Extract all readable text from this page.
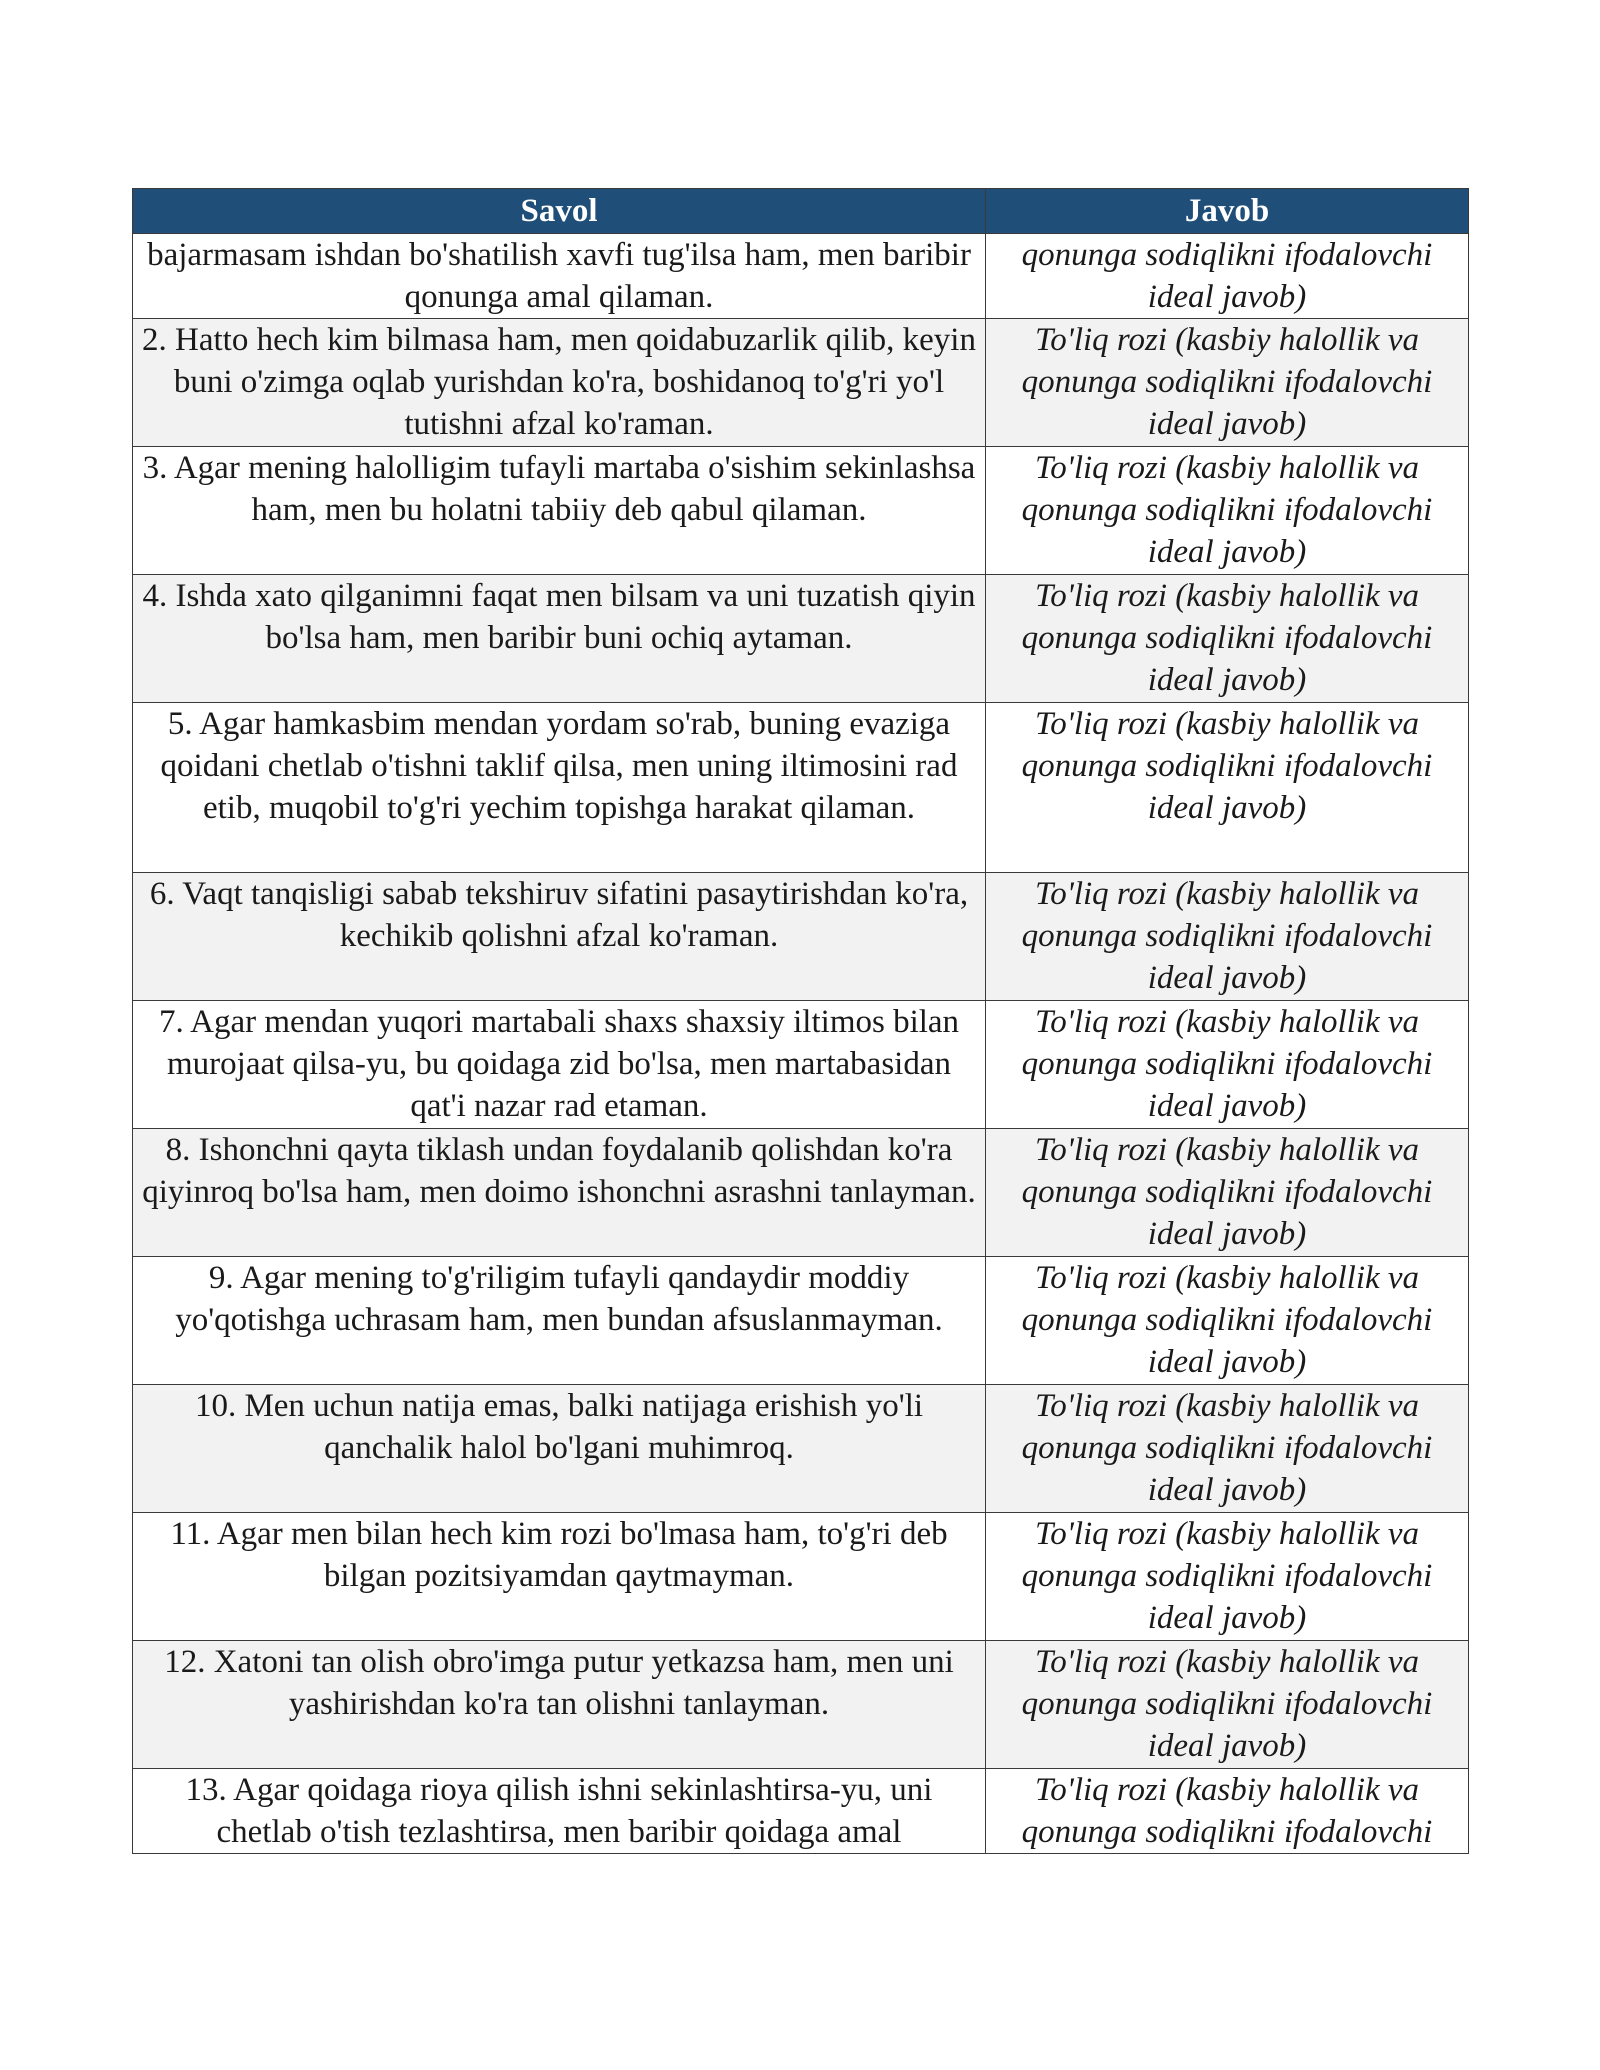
Savol	Javob
bajarmasam ishdan bo'shatilish xavfi tug'ilsa ham, men baribir qonunga amal qilaman.	qonunga sodiqlikni ifodalovchi ideal javob)
2. Hatto hech kim bilmasa ham, men qoidabuzarlik qilib, keyin buni o'zimga oqlab yurishdan ko'ra, boshidanoq to'g'ri yo'l tutishni afzal ko'raman.	To'liq rozi (kasbiy halollik va qonunga sodiqlikni ifodalovchi ideal javob)
3. Agar mening halolligim tufayli martaba o'sishim sekinlashsa ham, men bu holatni tabiiy deb qabul qilaman.	To'liq rozi (kasbiy halollik va qonunga sodiqlikni ifodalovchi ideal javob)
4. Ishda xato qilganimni faqat men bilsam va uni tuzatish qiyin bo'lsa ham, men baribir buni ochiq aytaman.	To'liq rozi (kasbiy halollik va qonunga sodiqlikni ifodalovchi ideal javob)
5. Agar hamkasbim mendan yordam so'rab, buning evaziga qoidani chetlab o'tishni taklif qilsa, men uning iltimosini rad etib, muqobil to'g'ri yechim topishga harakat qilaman.	To'liq rozi (kasbiy halollik va qonunga sodiqlikni ifodalovchi ideal javob)
6. Vaqt tanqisligi sabab tekshiruv sifatini pasaytirishdan ko'ra, kechikib qolishni afzal ko'raman.	To'liq rozi (kasbiy halollik va qonunga sodiqlikni ifodalovchi ideal javob)
7. Agar mendan yuqori martabali shaxs shaxsiy iltimos bilan murojaat qilsa-yu, bu qoidaga zid bo'lsa, men martabasidan qat'i nazar rad etaman.	To'liq rozi (kasbiy halollik va qonunga sodiqlikni ifodalovchi ideal javob)
8. Ishonchni qayta tiklash undan foydalanib qolishdan ko'ra qiyinroq bo'lsa ham, men doimo ishonchni asrashni tanlayman.	To'liq rozi (kasbiy halollik va qonunga sodiqlikni ifodalovchi ideal javob)
9. Agar mening to'g'riligim tufayli qandaydir moddiy yo'qotishga uchrasam ham, men bundan afsuslanmayman.	To'liq rozi (kasbiy halollik va qonunga sodiqlikni ifodalovchi ideal javob)
10. Men uchun natija emas, balki natijaga erishish yo'li qanchalik halol bo'lgani muhimroq.	To'liq rozi (kasbiy halollik va qonunga sodiqlikni ifodalovchi ideal javob)
11. Agar men bilan hech kim rozi bo'lmasa ham, to'g'ri deb bilgan pozitsiyamdan qaytmayman.	To'liq rozi (kasbiy halollik va qonunga sodiqlikni ifodalovchi ideal javob)
12. Xatoni tan olish obro'imga putur yetkazsa ham, men uni yashirishdan ko'ra tan olishni tanlayman.	To'liq rozi (kasbiy halollik va qonunga sodiqlikni ifodalovchi ideal javob)
13. Agar qoidaga rioya qilish ishni sekinlashtirsa-yu, uni chetlab o'tish tezlashtirsa, men baribir qoidaga amal	To'liq rozi (kasbiy halollik va qonunga sodiqlikni ifodalovchi
